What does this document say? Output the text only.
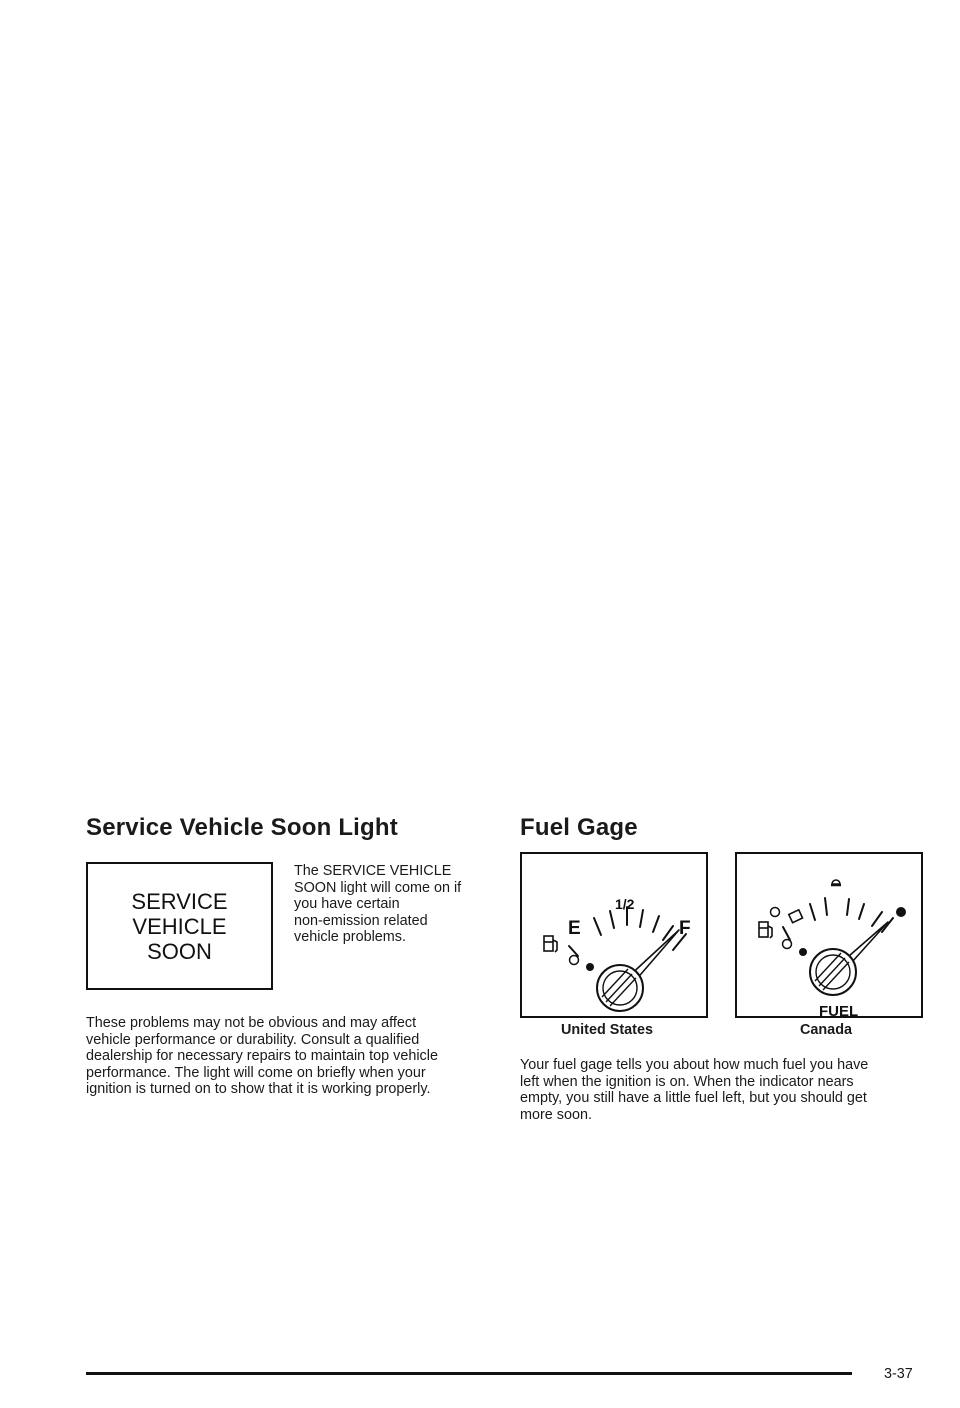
Service Vehicle Soon Light
SERVICE
VEHICLE
SOON
The SERVICE VEHICLE
SOON light will come on if
you have certain
non-emission related
vehicle problems.
These problems may not be obvious and may affect
vehicle performance or durability. Consult a qualified
dealership for necessary repairs to maintain top vehicle
performance. The light will come on briefly when your
ignition is turned on to show that it is working properly.
Fuel Gage
E
1/2
F
United States
FUEL
Canada
Your fuel gage tells you about how much fuel you have
left when the ignition is on. When the indicator nears
empty, you still have a little fuel left, but you should get
more soon.
3-37
